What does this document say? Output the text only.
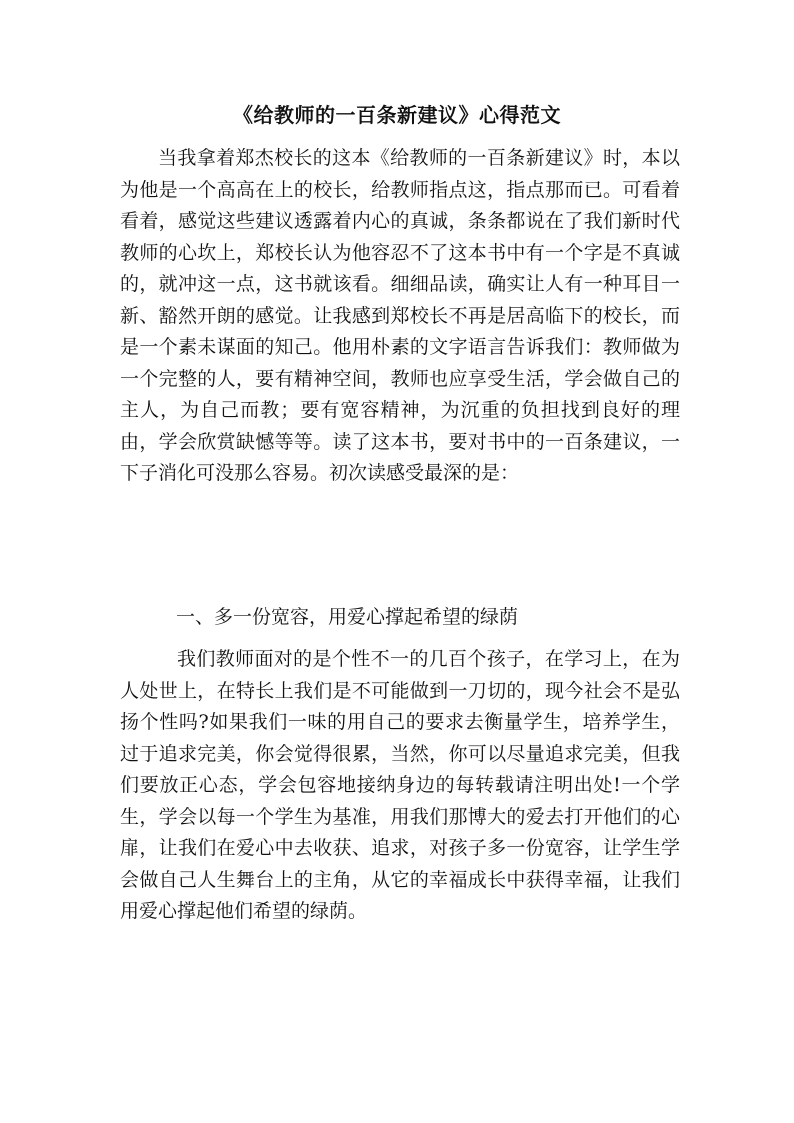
《给教师的一百条新建议》心得范文
当我拿着郑杰校长的这本《给教师的一百条新建议》时，本以为他是一个高高在上的校长，给教师指点这，指点那而已。可看着看着，感觉这些建议透露着内心的真诚，条条都说在了我们新时代教师的心坎上，郑校长认为他容忍不了这本书中有一个字是不真诚的，就冲这一点，这书就该看。细细品读，确实让人有一种耳目一新、豁然开朗的感觉。让我感到郑校长不再是居高临下的校长，而是一个素未谋面的知己。他用朴素的文字语言告诉我们：教师做为一个完整的人，要有精神空间，教师也应享受生活，学会做自己的主人，为自己而教；要有宽容精神，为沉重的负担找到良好的理由，学会欣赏缺憾等等。读了这本书，要对书中的一百条建议，一下子消化可没那么容易。初次读感受最深的是：
一、多一份宽容，用爱心撑起希望的绿荫
我们教师面对的是个性不一的几百个孩子，在学习上，在为人处世上，在特长上我们是不可能做到一刀切的，现今社会不是弘扬个性吗?如果我们一味的用自己的要求去衡量学生，培养学生，过于追求完美，你会觉得很累，当然，你可以尽量追求完美，但我们要放正心态，学会包容地接纳身边的每转载请注明出处!一个学生，学会以每一个学生为基准，用我们那博大的爱去打开他们的心扉，让我们在爱心中去收获、追求，对孩子多一份宽容，让学生学会做自己人生舞台上的主角，从它的幸福成长中获得幸福，让我们用爱心撑起他们希望的绿荫。
